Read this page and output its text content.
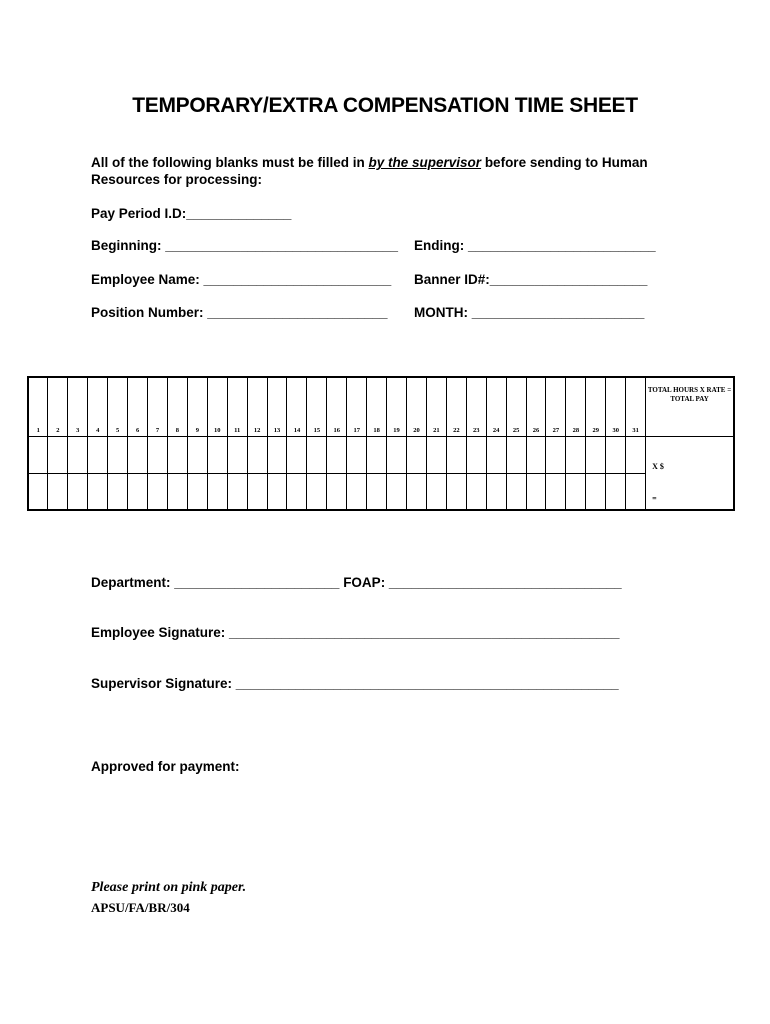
TEMPORARY/EXTRA COMPENSATION TIME SHEET
All of the following blanks must be filled in by the supervisor before sending to Human Resources for processing:
Pay Period I.D:______________
Beginning: _______________________________ Ending: _________________________
Employee Name: _________________________ Banner ID#:_____________________
Position Number: ________________________ MONTH: _______________________
1	2	3	4	5	6	7	8	9	10	11	12	13	14	15	16	17	18	19	20	21	22	23	24	25	26	27	28	29	30	31	TOTAL HOURS X RATE = TOTAL PAY
																															X $
																															=
Department: ______________________ FOAP: _______________________________
Employee Signature: ____________________________________________________
Supervisor Signature: ___________________________________________________
Approved for payment:
Please print on pink paper.
APSU/FA/BR/304
